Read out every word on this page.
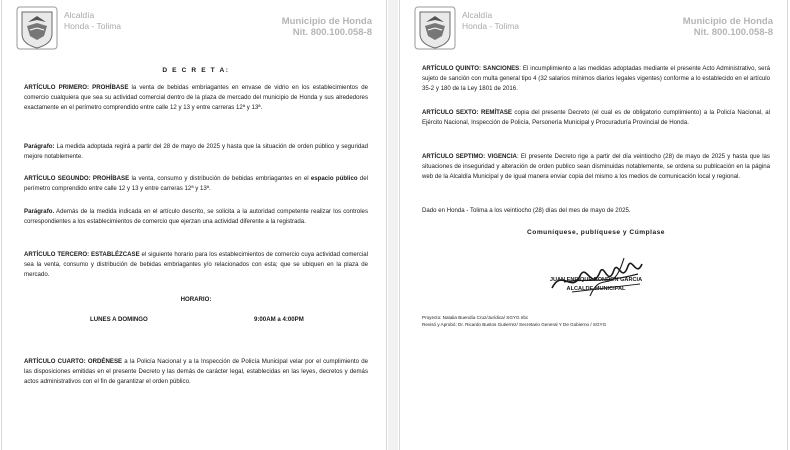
Alcaldía
Honda - Tolima	Municipio de Honda
Nit. 800.100.058-8
D E C R E T A:
ARTÍCULO PRIMERO: PROHÍBASE la venta de bebidas embriagantes en envase de vidrio en los establecimientos de comercio cualquiera que sea su actividad comercial dentro de la plaza de mercado del municipio de Honda y sus alrededores exactamente en el perímetro comprendido entre calle 12 y 13 y entre carreras 12ª y 13ª.
Parágrafo: La medida adoptada regirá a partir del 28 de mayo de 2025 y hasta que la situación de orden público y seguridad mejore notablemente.
ARTÍCULO SEGUNDO: PROHÍBASE la venta, consumo y distribución de bebidas embriagantes en el espacio público del perímetro comprendido entre calle 12 y 13 y entre carreras 12ª y 13ª.
Parágrafo. Además de la medida indicada en el artículo descrito, se solicita a la autoridad competente realizar los controles correspondientes a los establecimientos de comercio que ejerzan una actividad diferente a la registrada.
ARTÍCULO TERCERO: ESTABLÉZCASE el siguiente horario para los establecimientos de comercio cuya actividad comercial sea la venta, consumo y distribución de bebidas embriagantes y/o relacionados con esta; que se ubiquen en la plaza de mercado.
HORARIO:
LUNES A DOMINGO	9:00AM a 4:00PM
ARTÍCULO CUARTO: ORDÉNESE a la Policía Nacional y a la Inspección de Policía Municipal velar por el cumplimiento de las disposiciones emitidas en el presente Decreto y las demás de carácter legal, establecidas en las leyes, decretos y demás actos administrativos con el fin de garantizar el orden público.
Alcaldía
Honda - Tolima	Municipio de Honda
Nit. 800.100.058-8
ARTÍCULO QUINTO: SANCIONES: El incumplimiento a las medidas adoptadas mediante el presente Acto Administrativo, será sujeto de sanción con multa general tipo 4 (32 salarios mínimos diarios legales vigentes) conforme a lo establecido en el artículo 35-2 y 180 de la Ley 1801 de 2016.
ARTÍCULO SEXTO: REMÍTASE copia del presente Decreto (el cual es de obligatorio cumplimiento) a la Policía Nacional, al Ejército Nacional, Inspección de Policía, Personería Municipal y Procuraduría Provincial de Honda.
ARTÍCULO SEPTIMO: VIGENCIA: El presente Decreto rige a partir del día veintiocho (28) de mayo de 2025 y hasta que las situaciones de inseguridad y alteración de orden publico sean disminuidas notablemente, se ordena su publicación en la página web de la Alcaldía Municipal y de igual manera enviar copia del mismo a los medios de comunicación local y regional.
Dado en Honda - Tolima a los veintiocho (28) días del mes de mayo de 2025.
Comuníquese, publíquese y Cúmplase
JUAN ENRIQUE RONDON GARCIA
ALCALDE MUNICIPAL
Proyecto: Natalia Buendía Cruz/Jurídica/ SGYG nbc
Revisó y Aprobó: Dr. Ricardo Bustos Gutierrez/ Secretario General Y De Gobierno / SGYG
